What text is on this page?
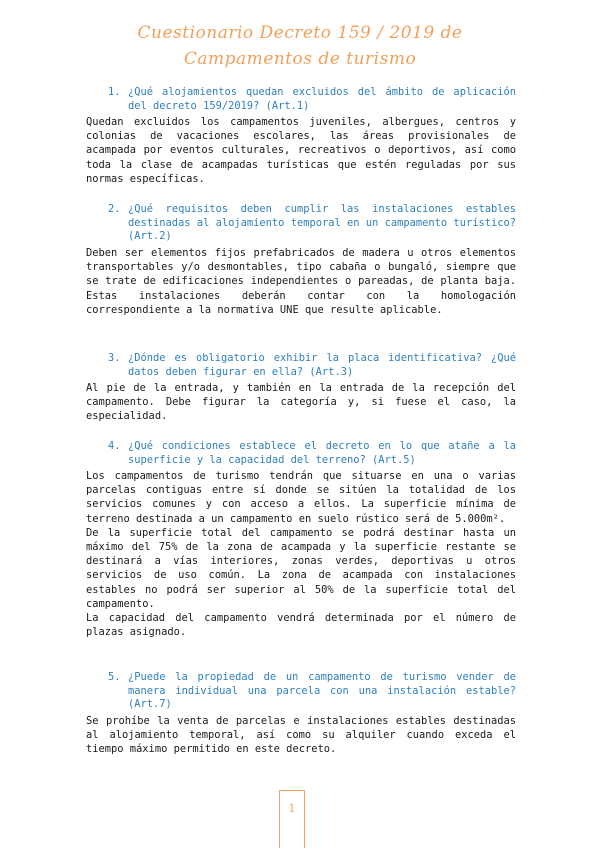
Cuestionario Decreto 159 / 2019 de
Campamentos de turismo
1. ¿Qué alojamientos quedan excluidos del ámbito de aplicación del decreto 159/2019? (Art.1)

Quedan excluidos los campamentos juveniles, albergues, centros y colonias de vacaciones escolares, las áreas provisionales de acampada por eventos culturales, recreativos o deportivos, así como toda la clase de acampadas turísticas que estén reguladas por sus normas específicas.

2. ¿Qué requisitos deben cumplir las instalaciones estables destinadas al alojamiento temporal en un campamento turístico? (Art.2)

Deben ser elementos fijos prefabricados de madera u otros elementos transportables y/o desmontables, tipo cabaña o bungaló, siempre que se trate de edificaciones independientes o pareadas, de planta baja. Estas instalaciones deberán contar con la homologación correspondiente a la normativa UNE que resulte aplicable.

3. ¿Dónde es obligatorio exhibir la placa identificativa? ¿Qué datos deben figurar en ella? (Art.3)

Al pie de la entrada, y también en la entrada de la recepción del campamento. Debe figurar la categoría y, si fuese el caso, la especialidad.

4. ¿Qué condiciones establece el decreto en lo que atañe a la superficie y la capacidad del terreno? (Art.5)

Los campamentos de turismo tendrán que situarse en una o varias parcelas contiguas entre sí donde se sitúen la totalidad de los servicios comunes y con acceso a ellos. La superficie mínima de terreno destinada a un campamento en suelo rústico será de 5.000m².

De la superficie total del campamento se podrá destinar hasta un máximo del 75% de la zona de acampada y la superficie restante se destinará a vías interiores, zonas verdes, deportivas u otros servicios de uso común. La zona de acampada con instalaciones estables no podrá ser superior al 50% de la superficie total del campamento.

La capacidad del campamento vendrá determinada por el número de plazas asignado.

5. ¿Puede la propiedad de un campamento de turismo vender de manera individual una parcela con una instalación estable? (Art.7)

Se prohíbe la venta de parcelas e instalaciones estables destinadas al alojamiento temporal, así como su alquiler cuando exceda el tiempo máximo permitido en este decreto.

1
